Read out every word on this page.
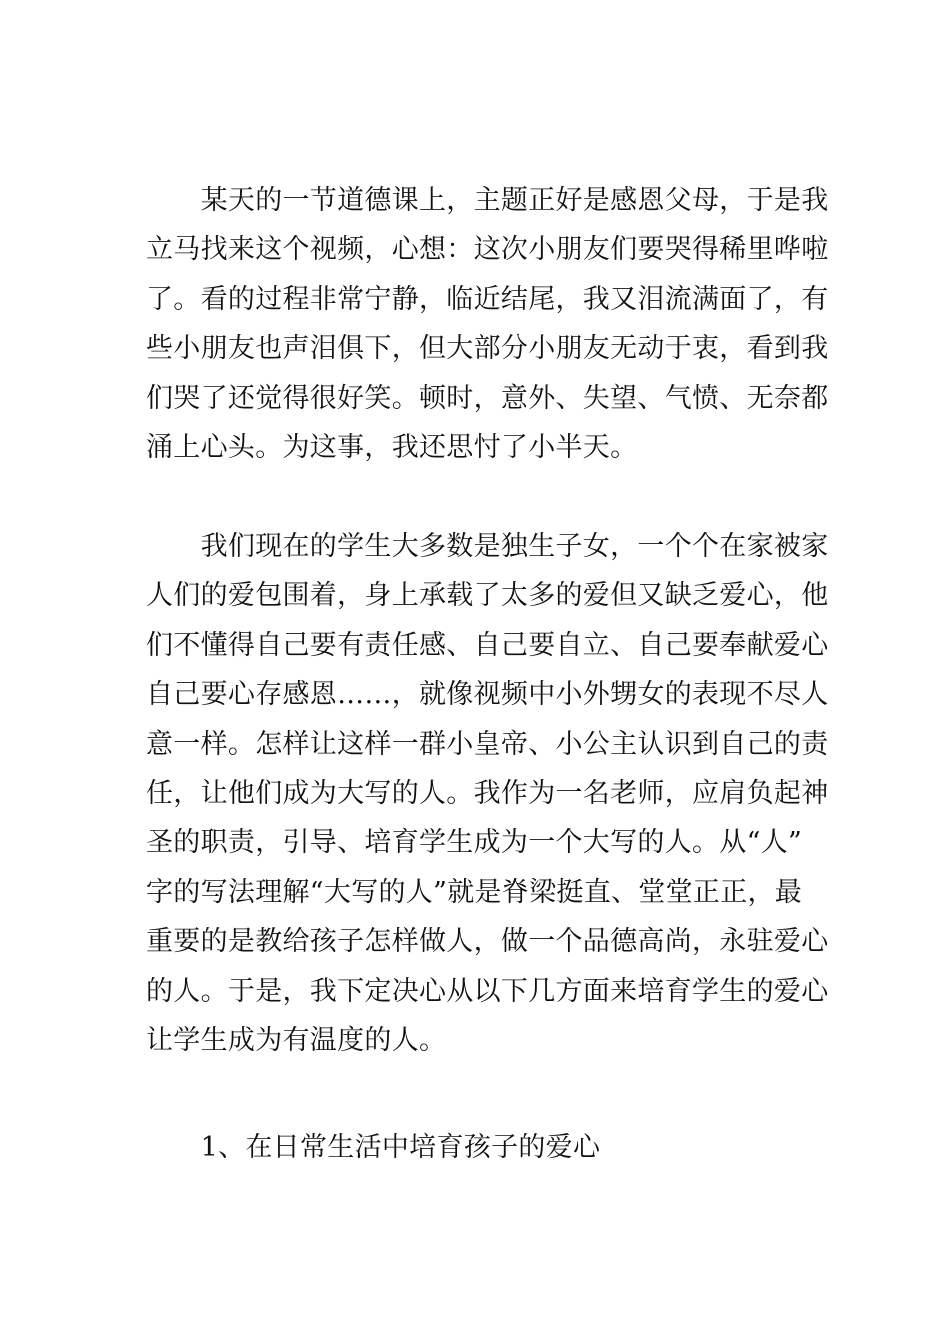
　　某天的一节道德课上，主题正好是感恩父母，于是我
立马找来这个视频，心想：这次小朋友们要哭得稀里哗啦
了。看的过程非常宁静，临近结尾，我又泪流满面了，有
些小朋友也声泪俱下，但大部分小朋友无动于衷，看到我
们哭了还觉得很好笑。顿时，意外、失望、气愤、无奈都
涌上心头。为这事，我还思忖了小半天。
　　我们现在的学生大多数是独生子女，一个个在家被家
人们的爱包围着，身上承载了太多的爱但又缺乏爱心，他
们不懂得自己要有责任感、自己要自立、自己要奉献爱心
自己要心存感恩……，就像视频中小外甥女的表现不尽人
意一样。怎样让这样一群小皇帝、小公主认识到自己的责
任，让他们成为大写的人。我作为一名老师，应肩负起神
圣的职责，引导、培育学生成为一个大写的人。从“人”
字的写法理解“大写的人”就是脊梁挺直、堂堂正正，最
重要的是教给孩子怎样做人，做一个品德高尚，永驻爱心
的人。于是，我下定决心从以下几方面来培育学生的爱心
让学生成为有温度的人。
　　1、在日常生活中培育孩子的爱心
